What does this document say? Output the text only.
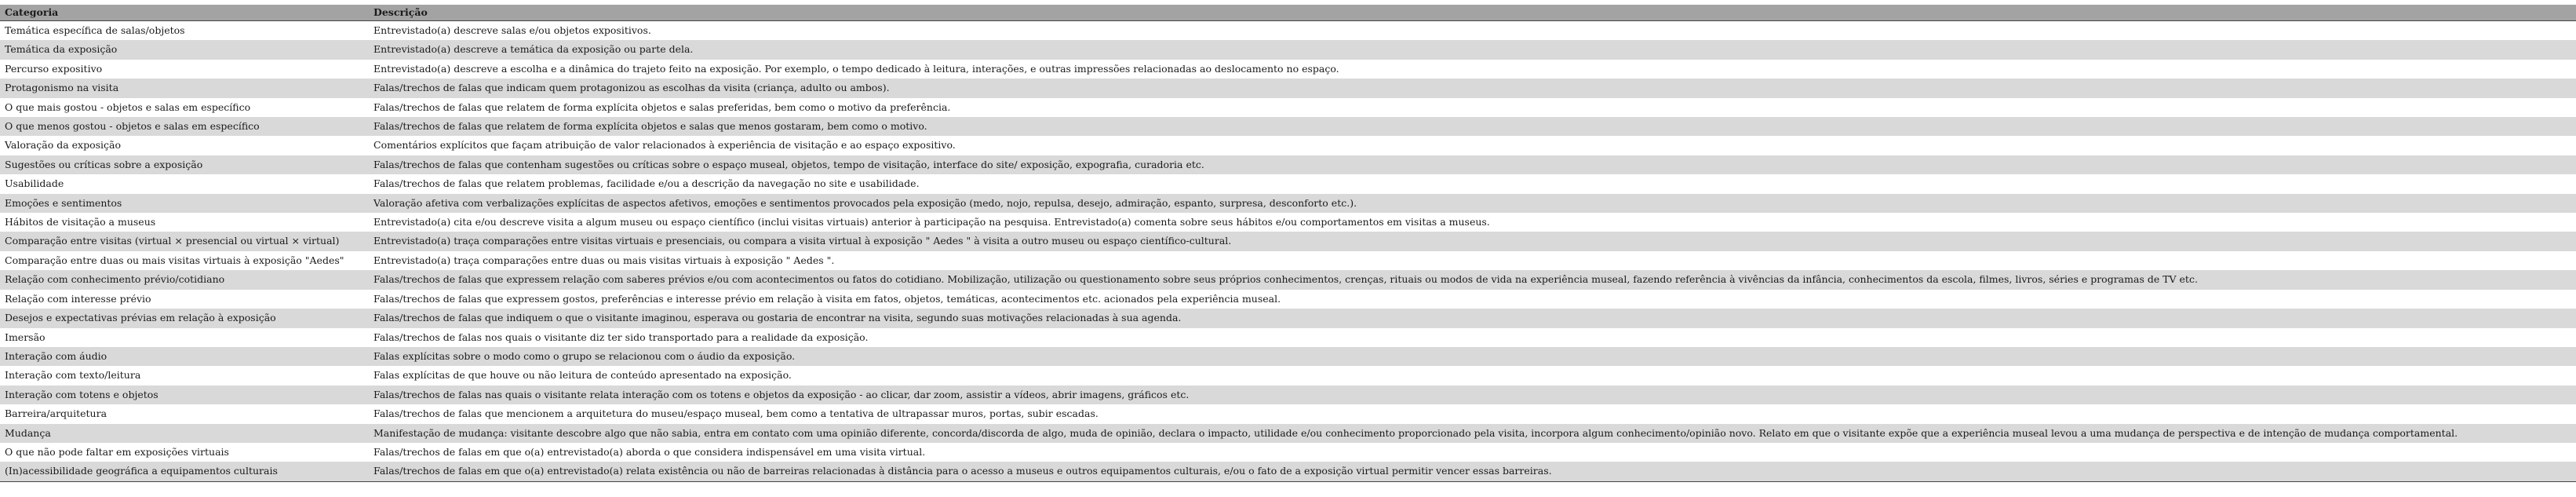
Categoria	Descrição
Temática específica de salas/objetos	Entrevistado(a) descreve salas e/ou objetos expositivos.
Temática da exposição	Entrevistado(a) descreve a temática da exposição ou parte dela.
Percurso expositivo	Entrevistado(a) descreve a escolha e a dinâmica do trajeto feito na exposição. Por exemplo, o tempo dedicado à leitura, interações, e outras impressões relacionadas ao deslocamento no espaço.
Protagonismo na visita	Falas/trechos de falas que indicam quem protagonizou as escolhas da visita (criança, adulto ou ambos).
O que mais gostou - objetos e salas em específico	Falas/trechos de falas que relatem de forma explícita objetos e salas preferidas, bem como o motivo da preferência.
O que menos gostou - objetos e salas em específico	Falas/trechos de falas que relatem de forma explícita objetos e salas que menos gostaram, bem como o motivo.
Valoração da exposição	Comentários explícitos que façam atribuição de valor relacionados à experiência de visitação e ao espaço expositivo.
Sugestões ou críticas sobre a exposição	Falas/trechos de falas que contenham sugestões ou críticas sobre o espaço museal, objetos, tempo de visitação, interface do site/ exposição, expografia, curadoria etc.
Usabilidade	Falas/trechos de falas que relatem problemas, facilidade e/ou a descrição da navegação no site e usabilidade.
Emoções e sentimentos	Valoração afetiva com verbalizações explícitas de aspectos afetivos, emoções e sentimentos provocados pela exposição (medo, nojo, repulsa, desejo, admiração, espanto, surpresa, desconforto etc.).
Hábitos de visitação a museus	Entrevistado(a) cita e/ou descreve visita a algum museu ou espaço científico (inclui visitas virtuais) anterior à participação na pesquisa. Entrevistado(a) comenta sobre seus hábitos e/ou comportamentos em visitas a museus.
Comparação entre visitas (virtual × presencial ou virtual × virtual)	Entrevistado(a) traça comparações entre visitas virtuais e presenciais, ou compara a visita virtual à exposição " Aedes " à visita a outro museu ou espaço científico-cultural.
Comparação entre duas ou mais visitas virtuais à exposição "Aedes"	Entrevistado(a) traça comparações entre duas ou mais visitas virtuais à exposição " Aedes ".
Relação com conhecimento prévio/cotidiano	Falas/trechos de falas que expressem relação com saberes prévios e/ou com acontecimentos ou fatos do cotidiano. Mobilização, utilização ou questionamento sobre seus próprios conhecimentos, crenças, rituais ou modos de vida na experiência museal, fazendo referência à vivências da infância, conhecimentos da escola, filmes, livros, séries e programas de TV etc.
Relação com interesse prévio	Falas/trechos de falas que expressem gostos, preferências e interesse prévio em relação à visita em fatos, objetos, temáticas, acontecimentos etc. acionados pela experiência museal.
Desejos e expectativas prévias em relação à exposição	Falas/trechos de falas que indiquem o que o visitante imaginou, esperava ou gostaria de encontrar na visita, segundo suas motivações relacionadas à sua agenda.
Imersão	Falas/trechos de falas nos quais o visitante diz ter sido transportado para a realidade da exposição.
Interação com áudio	Falas explícitas sobre o modo como o grupo se relacionou com o áudio da exposição.
Interação com texto/leitura	Falas explícitas de que houve ou não leitura de conteúdo apresentado na exposição.
Interação com totens e objetos	Falas/trechos de falas nas quais o visitante relata interação com os totens e objetos da exposição - ao clicar, dar zoom, assistir a vídeos, abrir imagens, gráficos etc.
Barreira/arquitetura	Falas/trechos de falas que mencionem a arquitetura do museu/espaço museal, bem como a tentativa de ultrapassar muros, portas, subir escadas.
Mudança	Manifestação de mudança: visitante descobre algo que não sabia, entra em contato com uma opinião diferente, concorda/discorda de algo, muda de opinião, declara o impacto, utilidade e/ou conhecimento proporcionado pela visita, incorpora algum conhecimento/opinião novo. Relato em que o visitante expõe que a experiência museal levou a uma mudança de perspectiva e de intenção de mudança comportamental.
O que não pode faltar em exposições virtuais	Falas/trechos de falas em que o(a) entrevistado(a) aborda o que considera indispensável em uma visita virtual.
(In)acessibilidade geográfica a equipamentos culturais	Falas/trechos de falas em que o(a) entrevistado(a) relata existência ou não de barreiras relacionadas à distância para o acesso a museus e outros equipamentos culturais, e/ou o fato de a exposição virtual permitir vencer essas barreiras.
